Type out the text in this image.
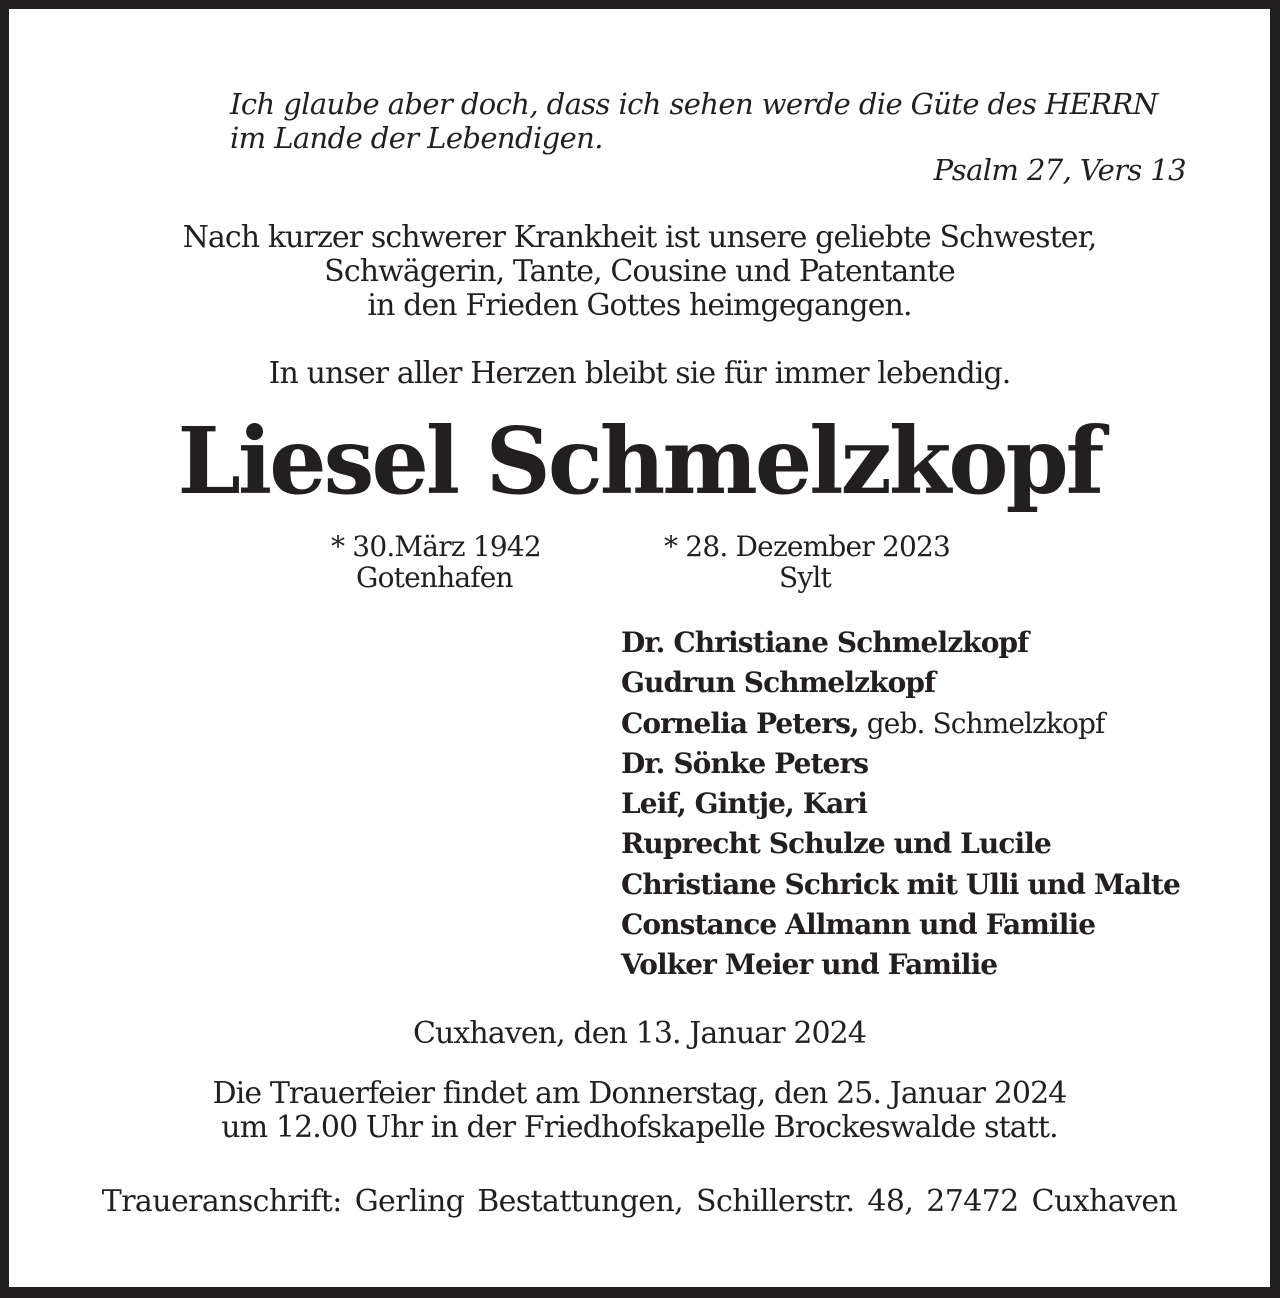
Ich glaube aber doch, dass ich sehen werde die Güte des HERRN
im Lande der Lebendigen.
Psalm 27, Vers 13
Nach kurzer schwerer Krankheit ist unsere geliebte Schwester,
Schwägerin, Tante, Cousine und Patentante
in den Frieden Gottes heimgegangen.
In unser aller Herzen bleibt sie für immer lebendig.
Liesel Schmelzkopf
* 30.März 1942
Gotenhafen
* 28. Dezember 2023
Sylt
Dr. Christiane Schmelzkopf
Gudrun Schmelzkopf
Cornelia Peters, geb. Schmelzkopf
Dr. Sönke Peters
Leif, Gintje, Kari
Ruprecht Schulze und Lucile
Christiane Schrick mit Ulli und Malte
Constance Allmann und Familie
Volker Meier und Familie
Cuxhaven, den 13. Januar 2024
Die Trauerfeier findet am Donnerstag, den 25. Januar 2024
um 12.00 Uhr in der Friedhofskapelle Brockeswalde statt.
Traueranschrift: Gerling Bestattungen, Schillerstr. 48, 27472 Cuxhaven
